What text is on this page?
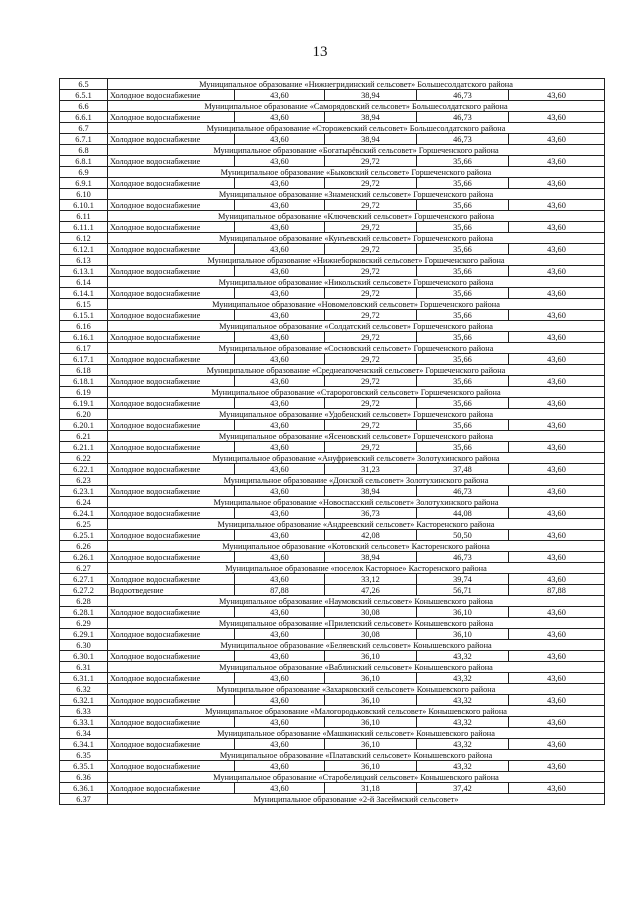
13
6.5	Муниципальное образование «Нижнегридинский сельсовет» Большесолдатского района				
6.5.1	Холодное водоснабжение	43,60	38,94	46,73	43,60
6.6	Муниципальное образование «Саморядовский сельсовет» Большесолдатского района				
6.6.1	Холодное водоснабжение	43,60	38,94	46,73	43,60
6.7	Муниципальное образование «Сторожевский сельсовет» Большесолдатского района				
6.7.1	Холодное водоснабжение	43,60	38,94	46,73	43,60
6.8	Муниципальное образование «Богатырёвский сельсовет» Горшеченского района				
6.8.1	Холодное водоснабжение	43,60	29,72	35,66	43,60
6.9	Муниципальное образование «Быковский сельсовет» Горшеченского района				
6.9.1	Холодное водоснабжение	43,60	29,72	35,66	43,60
6.10	Муниципальное образование «Знаменский сельсовет» Горшеченского района				
6.10.1	Холодное водоснабжение	43,60	29,72	35,66	43,60
6.11	Муниципальное образование «Ключевский сельсовет» Горшеченского района				
6.11.1	Холодное водоснабжение	43,60	29,72	35,66	43,60
6.12	Муниципальное образование «Кунъевский сельсовет» Горшеченского района				
6.12.1	Холодное водоснабжение	43,60	29,72	35,66	43,60
6.13	Муниципальное образование «Нижнеборковский сельсовет» Горшеченского района				
6.13.1	Холодное водоснабжение	43,60	29,72	35,66	43,60
6.14	Муниципальное образование «Никольский сельсовет» Горшеченского района				
6.14.1	Холодное водоснабжение	43,60	29,72	35,66	43,60
6.15	Муниципальное образование «Новомеловский сельсовет» Горшеченского района				
6.15.1	Холодное водоснабжение	43,60	29,72	35,66	43,60
6.16	Муниципальное образование «Солдатский сельсовет» Горшеченского района				
6.16.1	Холодное водоснабжение	43,60	29,72	35,66	43,60
6.17	Муниципальное образование «Сосновский сельсовет» Горшеченского района				
6.17.1	Холодное водоснабжение	43,60	29,72	35,66	43,60
6.18	Муниципальное образование «Среднеапоченский сельсовет» Горшеченского района				
6.18.1	Холодное водоснабжение	43,60	29,72	35,66	43,60
6.19	Муниципальное образование «Старороговский сельсовет» Горшеченского района				
6.19.1	Холодное водоснабжение	43,60	29,72	35,66	43,60
6.20	Муниципальное образование «Удобенский сельсовет» Горшеченского района				
6.20.1	Холодное водоснабжение	43,60	29,72	35,66	43,60
6.21	Муниципальное образование «Ясеновский сельсовет» Горшеченского района				
6.21.1	Холодное водоснабжение	43,60	29,72	35,66	43,60
6.22	Муниципальное образование «Ануфриевский сельсовет» Золотухинского района				
6.22.1	Холодное водоснабжение	43,60	31,23	37,48	43,60
6.23	Муниципальное образование «Донской сельсовет» Золотухинского района				
6.23.1	Холодное водоснабжение	43,60	38,94	46,73	43,60
6.24	Муниципальное образование «Новоспасский сельсовет» Золотухинского района				
6.24.1	Холодное водоснабжение	43,60	36,73	44,08	43,60
6.25	Муниципальное образование «Андреевский сельсовет» Касторенского района				
6.25.1	Холодное водоснабжение	43,60	42,08	50,50	43,60
6.26	Муниципальное образование «Котовский сельсовет» Касторенского района				
6.26.1	Холодное водоснабжение	43,60	38,94	46,73	43,60
6.27	Муниципальное образование «поселок Касторное» Касторенского района				
6.27.1	Холодное водоснабжение	43,60	33,12	39,74	43,60
6.27.2	Водоотведение	87,88	47,26	56,71	87,88
6.28	Муниципальное образование «Наумовский сельсовет» Конышевского района				
6.28.1	Холодное водоснабжение	43,60	30,08	36,10	43,60
6.29	Муниципальное образование «Прилепский сельсовет» Конышевского района				
6.29.1	Холодное водоснабжение	43,60	30,08	36,10	43,60
6.30	Муниципальное образование «Беляевский сельсовет» Конышевского района				
6.30.1	Холодное водоснабжение	43,60	36,10	43,32	43,60
6.31	Муниципальное образование «Ваблинский сельсовет» Конышевского района				
6.31.1	Холодное водоснабжение	43,60	36,10	43,32	43,60
6.32	Муниципальное образование «Захарковский сельсовет» Конышевского района				
6.32.1	Холодное водоснабжение	43,60	36,10	43,32	43,60
6.33	Муниципальное образование «Малогородьковский сельсовет» Конышевского района				
6.33.1	Холодное водоснабжение	43,60	36,10	43,32	43,60
6.34	Муниципальное образование «Машкинский сельсовет» Конышевского района				
6.34.1	Холодное водоснабжение	43,60	36,10	43,32	43,60
6.35	Муниципальное образование «Платавский сельсовет» Конышевского района				
6.35.1	Холодное водоснабжение	43,60	36,10	43,32	43,60
6.36	Муниципальное образование «Старобелицкий сельсовет» Конышевского района				
6.36.1	Холодное водоснабжение	43,60	31,18	37,42	43,60
6.37	Муниципальное образование «2-й Засеймский сельсовет»				
